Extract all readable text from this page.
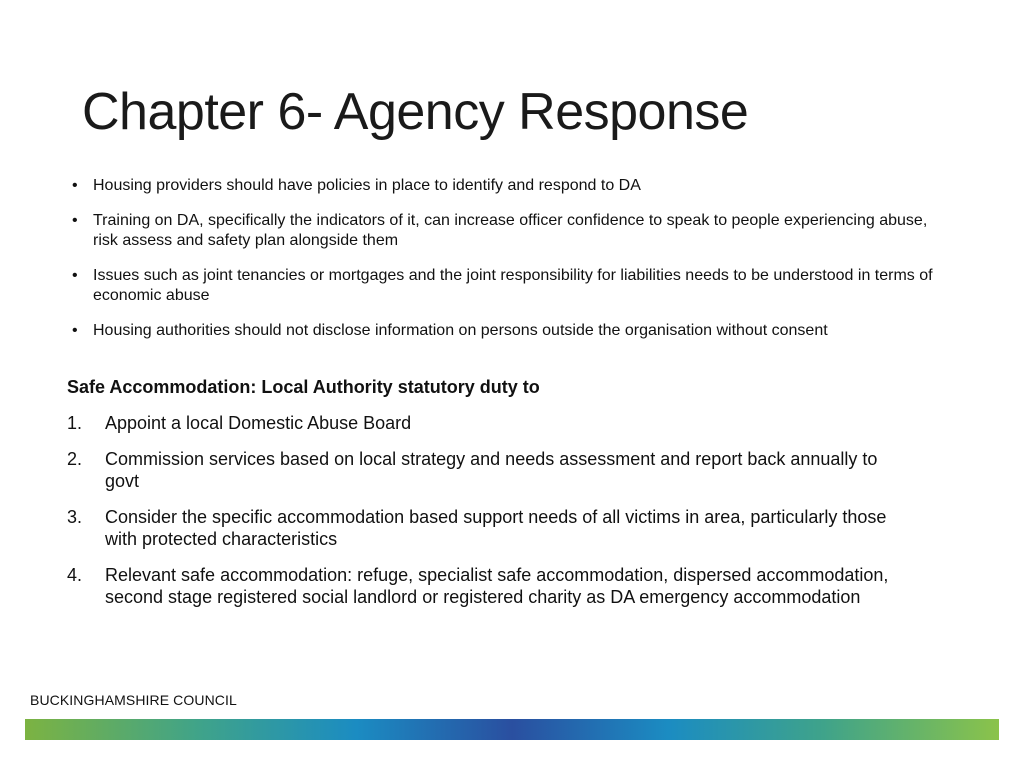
Chapter 6- Agency Response
• Housing providers should have policies in place to identify and respond to DA
• Training on DA, specifically the indicators of it, can increase officer confidence to speak to people experiencing abuse, risk assess and safety plan alongside them
• Issues such as joint tenancies or mortgages and the joint responsibility for liabilities needs to be understood in terms of economic abuse
• Housing authorities should not disclose information on persons outside the organisation without consent

Safe Accommodation: Local Authority statutory duty to

1.	Appoint a local Domestic Abuse Board
2.	Commission services based on local strategy and needs assessment and report back annually to govt
3.	Consider the specific accommodation based support needs of all victims in area, particularly those with protected characteristics
4.	Relevant safe accommodation: refuge, specialist safe accommodation, dispersed accommodation, second stage registered social landlord or registered charity as DA emergency accommodation
BUCKINGHAMSHIRE COUNCIL
